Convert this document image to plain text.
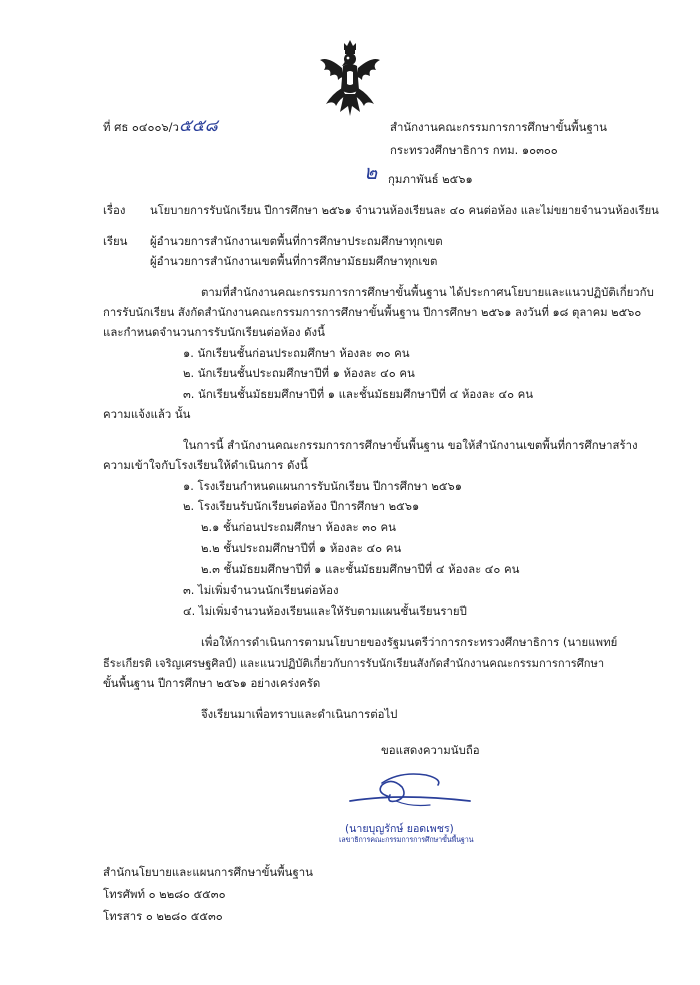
ที่ ศธ ๐๔๐๐๖/ว๕๕๘	สำนักงานคณะกรรมการการศึกษาขั้นพื้นฐาน
กระทรวงศึกษาธิการ กทม. ๑๐๓๐๐
๒ กุมภาพันธ์ ๒๕๖๑
เรื่อง นโยบายการรับนักเรียน ปีการศึกษา ๒๕๖๑ จำนวนห้องเรียนละ ๔๐ คนต่อห้อง และไม่ขยายจำนวนห้องเรียน
เรียน ผู้อำนวยการสำนักงานเขตพื้นที่การศึกษาประถมศึกษาทุกเขต
ผู้อำนวยการสำนักงานเขตพื้นที่การศึกษามัธยมศึกษาทุกเขต
ตามที่สำนักงานคณะกรรมการการศึกษาขั้นพื้นฐาน ได้ประกาศนโยบายและแนวปฏิบัติเกี่ยวกับ
การรับนักเรียน สังกัดสำนักงานคณะกรรมการการศึกษาขั้นพื้นฐาน ปีการศึกษา ๒๕๖๑ ลงวันที่ ๑๘ ตุลาคม ๒๕๖๐
และกำหนดจำนวนการรับนักเรียนต่อห้อง ดังนี้
๑. นักเรียนชั้นก่อนประถมศึกษา ห้องละ ๓๐ คน
๒. นักเรียนชั้นประถมศึกษาปีที่ ๑ ห้องละ ๔๐ คน
๓. นักเรียนชั้นมัธยมศึกษาปีที่ ๑ และชั้นมัธยมศึกษาปีที่ ๔ ห้องละ ๔๐ คน
ความแจ้งแล้ว นั้น
ในการนี้ สำนักงานคณะกรรมการการศึกษาขั้นพื้นฐาน ขอให้สำนักงานเขตพื้นที่การศึกษาสร้าง
ความเข้าใจกับโรงเรียนให้ดำเนินการ ดังนี้
๑. โรงเรียนกำหนดแผนการรับนักเรียน ปีการศึกษา ๒๕๖๑
๒. โรงเรียนรับนักเรียนต่อห้อง ปีการศึกษา ๒๕๖๑
๒.๑ ชั้นก่อนประถมศึกษา ห้องละ ๓๐ คน
๒.๒ ชั้นประถมศึกษาปีที่ ๑ ห้องละ ๔๐ คน
๒.๓ ชั้นมัธยมศึกษาปีที่ ๑ และชั้นมัธยมศึกษาปีที่ ๔ ห้องละ ๔๐ คน
๓. ไม่เพิ่มจำนวนนักเรียนต่อห้อง
๔. ไม่เพิ่มจำนวนห้องเรียนและให้รับตามแผนชั้นเรียนรายปี
เพื่อให้การดำเนินการตามนโยบายของรัฐมนตรีว่าการกระทรวงศึกษาธิการ (นายแพทย์
ธีระเกียรติ เจริญเศรษฐศิลป์) และแนวปฏิบัติเกี่ยวกับการรับนักเรียนสังกัดสำนักงานคณะกรรมการการศึกษา
ขั้นพื้นฐาน ปีการศึกษา ๒๕๖๑ อย่างเคร่งครัด
จึงเรียนมาเพื่อทราบและดำเนินการต่อไป
ขอแสดงความนับถือ
(นายบุญรักษ์ ยอดเพชร)
เลขาธิการคณะกรรมการการศึกษาขั้นพื้นฐาน
สำนักนโยบายและแผนการศึกษาขั้นพื้นฐาน
โทรศัพท์ ๐ ๒๒๘๐ ๕๕๓๐
โทรสาร ๐ ๒๒๘๐ ๕๕๓๐
